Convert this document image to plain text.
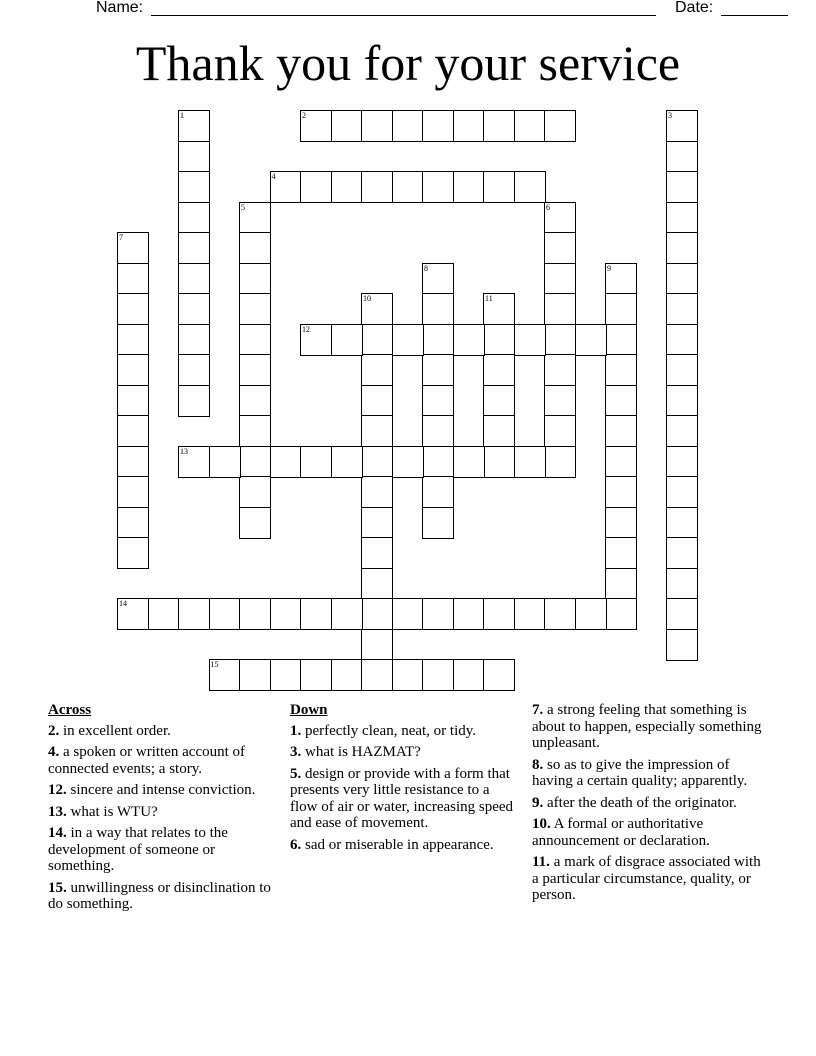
Name:	Date:
Thank you for your service
1	2	3
4
5	6
7
8	9
10	11
12
13
14
15
Across
2. in excellent order.
4. a spoken or written account of connected events; a story.
12. sincere and intense conviction.
13. what is WTU?
14. in a way that relates to the development of someone or something.
15. unwillingness or disinclination to do something.
Down
1. perfectly clean, neat, or tidy.
3. what is HAZMAT?
5. design or provide with a form that presents very little resistance to a flow of air or water, increasing speed and ease of movement.
6. sad or miserable in appearance.
7. a strong feeling that something is about to happen, especially something unpleasant.
8. so as to give the impression of having a certain quality; apparently.
9. after the death of the originator.
10. A formal or authoritative announcement or declaration.
11. a mark of disgrace associated with a particular circumstance, quality, or person.
